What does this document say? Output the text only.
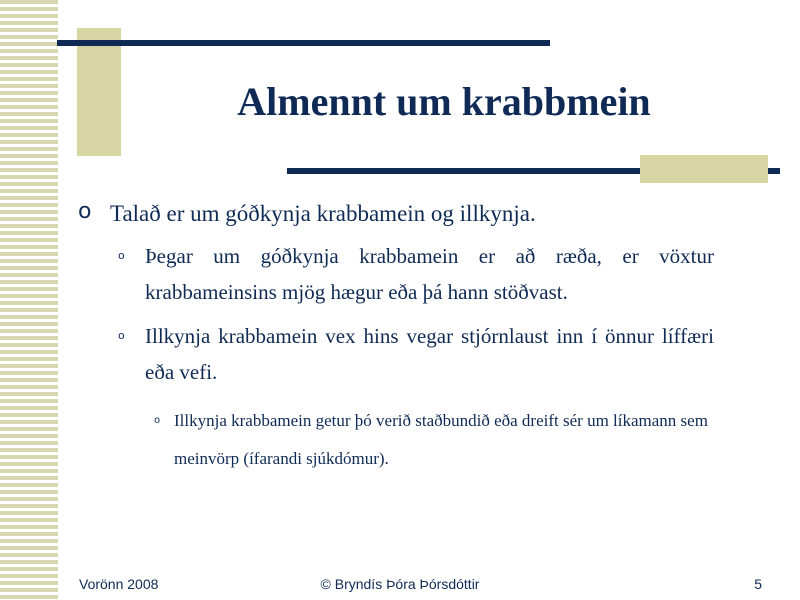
Almennt um krabbmein
o Talað er um góðkynja krabbamein og illkynja.
o Þegar um góðkynja krabbamein er að ræða, er vöxtur krabbameinsins mjög hægur eða þá hann stöðvast.
o Illkynja krabbamein vex hins vegar stjórnlaust inn í önnur líffæri eða vefi.
o Illkynja krabbamein getur þó verið staðbundið eða dreift sér um líkamann sem meinvörp (ífarandi sjúkdómur).
Vorönn 2008	© Bryndís Þóra Þórsdóttir	5
